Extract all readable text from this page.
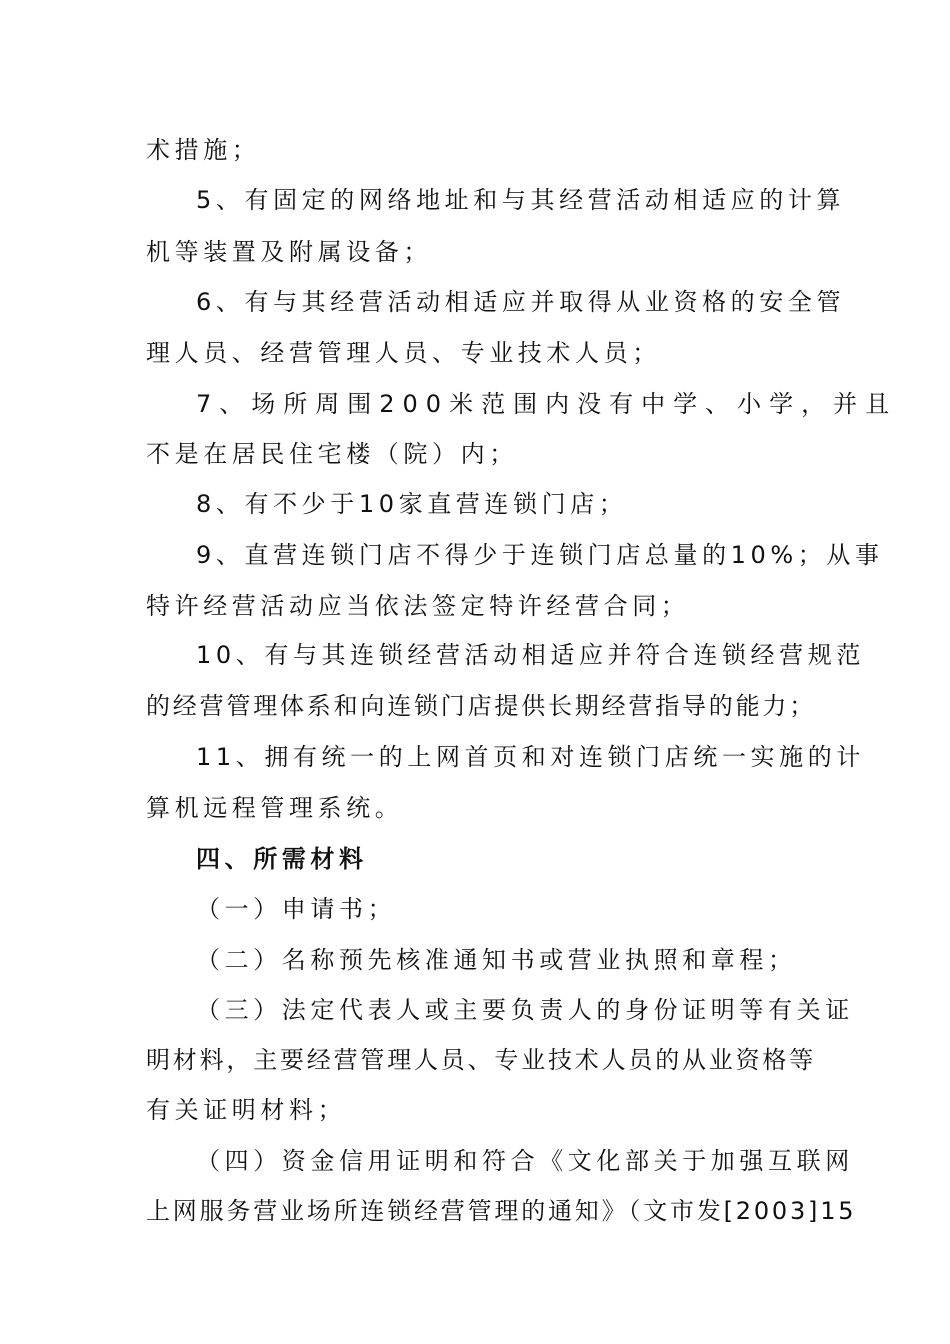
术措施；
5、有固定的网络地址和与其经营活动相适应的计算
机等装置及附属设备；
6、有与其经营活动相适应并取得从业资格的安全管
理人员、经营管理人员、专业技术人员；
7、场所周围200米范围内没有中学、小学，并且
不是在居民住宅楼（院）内；
8、有不少于10家直营连锁门店；
9、直营连锁门店不得少于连锁门店总量的10%；从事
特许经营活动应当依法签定特许经营合同；
10、有与其连锁经营活动相适应并符合连锁经营规范
的经营管理体系和向连锁门店提供长期经营指导的能力；
11、拥有统一的上网首页和对连锁门店统一实施的计
算机远程管理系统。
四、所需材料
（一）申请书；
（二）名称预先核准通知书或营业执照和章程；
（三）法定代表人或主要负责人的身份证明等有关证
明材料，主要经营管理人员、专业技术人员的从业资格等
有关证明材料；
（四）资金信用证明和符合《文化部关于加强互联网
上网服务营业场所连锁经营管理的通知》（文市发[2003]15
